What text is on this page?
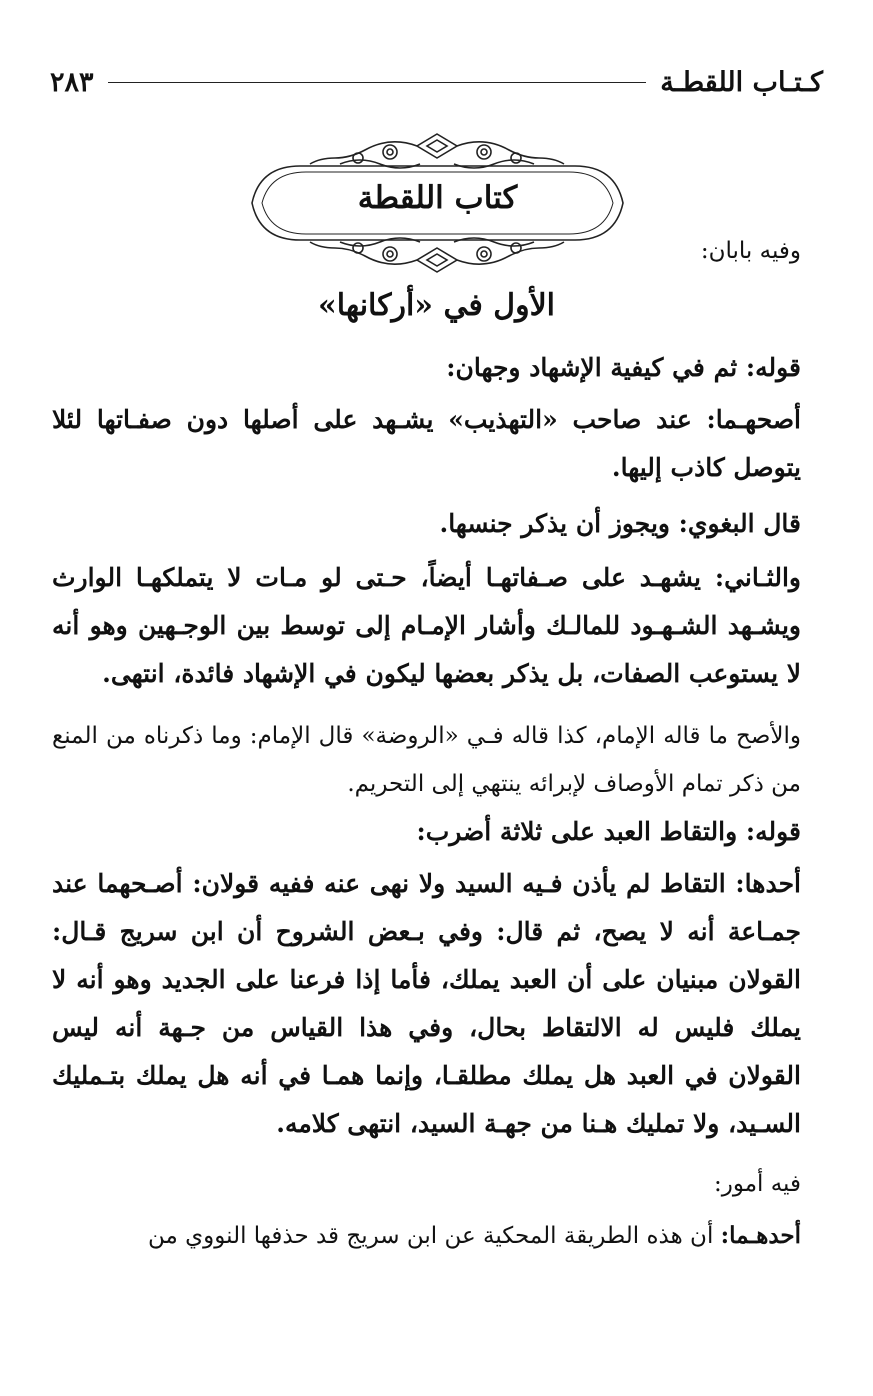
كـتـاب اللقطـة
٢٨٣
كتاب اللقطة
وفيه بابان:
الأول في «أركانها»
قوله: ثم في كيفية الإشهاد وجهان:
أصحهـما: عند صاحب «التهذيب» يشـهد على أصلها دون صفـاتها لئلا يتوصل كاذب إليها.
قال البغوي: ويجوز أن يذكر جنسها.
والثـاني: يشهـد على صـفاتهـا أيضاً، حـتى لو مـات لا يتملكهـا الوارث ويشـهد الشـهـود للمالـك وأشار الإمـام إلى توسط بين الوجـهين وهو أنه لا يستوعب الصفات، بل يذكر بعضها ليكون في الإشهاد فائدة، انتهى.
والأصح ما قاله الإمام، كذا قاله فـي «الروضة» قال الإمام: وما ذكرناه من المنع من ذكر تمام الأوصاف لإبرائه ينتهي إلى التحريم.
قوله: والتقاط العبد على ثلاثة أضرب:
أحدها: التقاط لم يأذن فـيه السيد ولا نهى عنه ففيه قولان: أصـحهما عند جمـاعة أنه لا يصح، ثم قال: وفي بـعض الشروح أن ابن سريج قـال: القولان مبنيان على أن العبد يملك، فأما إذا فرعنا على الجديد وهو أنه لا يملك فليس له الالتقاط بحال، وفي هذا القياس من جـهة أنه ليس القولان في العبد هل يملك مطلقـا، وإنما همـا في أنه هل يملك بتـمليك السـيد، ولا تمليك هـنا من جهـة السيد، انتهى كلامه.
فيه أمور:
أحدهـما: أن هذه الطريقة المحكية عن ابن سريج قد حذفها النووي من
